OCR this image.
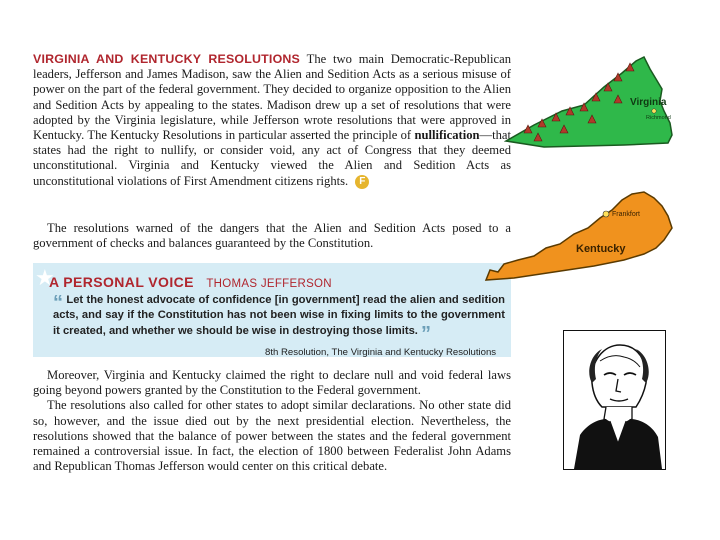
VIRGINIA AND KENTUCKY RESOLUTIONS The two main Democratic-Republican leaders, Jefferson and James Madison, saw the Alien and Sedition Acts as a serious misuse of power on the part of the federal government. They decided to organize opposition to the Alien and Sedition Acts by appealing to the states. Madison drew up a set of resolutions that were adopted by the Virginia legislature, while Jefferson wrote resolutions that were approved in Kentucky. The Kentucky Resolutions in particular asserted the principle of nullification—that states had the right to nullify, or consider void, any act of Congress that they deemed unconstitutional. Virginia and Kentucky viewed the Alien and Sedition Acts as unconstitutional violations of First Amendment citizens rights. F
The resolutions warned of the dangers that the Alien and Sedition Acts posed to a government of checks and balances guaranteed by the Constitution.
★
A PERSONAL VOICE THOMAS JEFFERSON
“ Let the honest advocate of confidence [in government] read the alien and sedition acts, and say if the Constitution has not been wise in fixing limits to the government it created, and whether we should be wise in destroying those limits. ”
8th Resolution, The Virginia and Kentucky Resolutions
Moreover, Virginia and Kentucky claimed the right to declare null and void federal laws going beyond powers granted by the Constitution to the Federal government.
The resolutions also called for other states to adopt similar declarations. No other state did so, however, and the issue died out by the next presidential election. Nevertheless, the resolutions showed that the balance of power between the states and the federal government remained a controversial issue. In fact, the election of 1800 between Federalist John Adams and Republican Thomas Jefferson would center on this critical debate.
Virginia
Richmond
Frankfort
Kentucky
